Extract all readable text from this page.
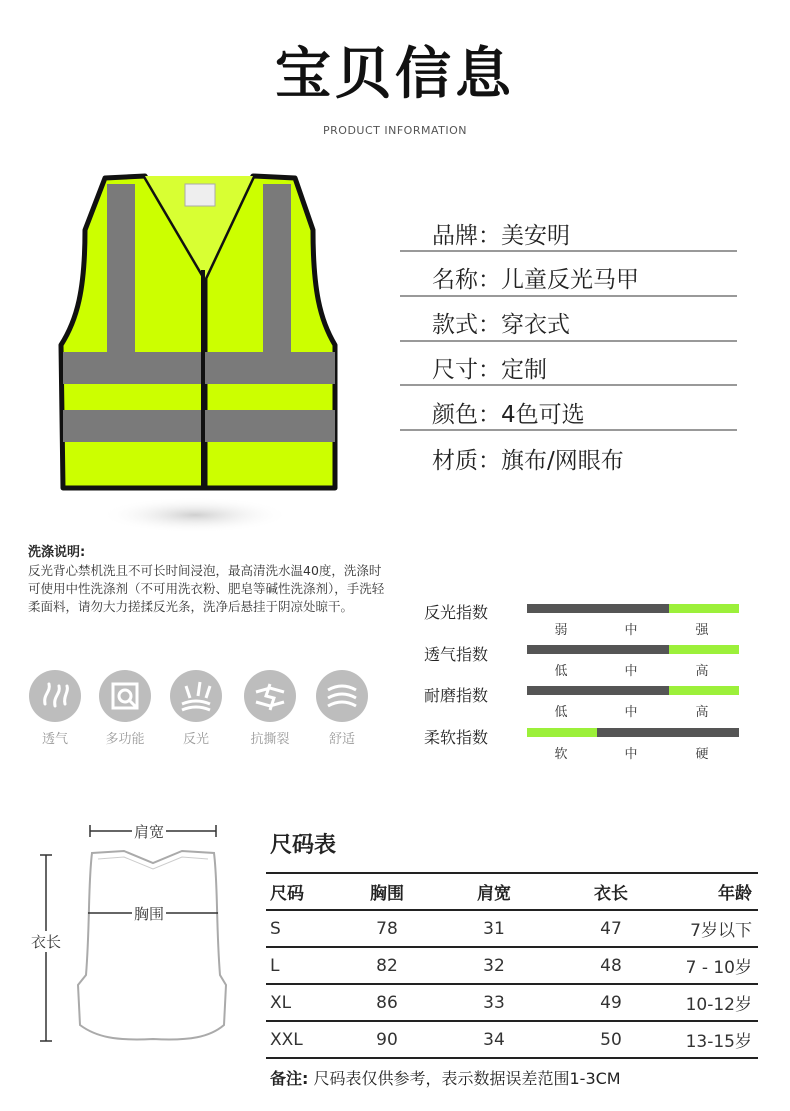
宝贝信息
PRODUCT INFORMATION
品牌：美安明
名称：儿童反光马甲
款式：穿衣式
尺寸：定制
颜色：4色可选
材质：旗布/网眼布
洗涤说明:
反光背心禁机洗且不可长时间浸泡，最高清洗水温40度，洗涤时可使用中性洗涤剂（不可用洗衣粉、肥皂等碱性洗涤剂），手洗轻柔面料，请勿大力搓揉反光条，洗净后悬挂于阴凉处晾干。
透气	多功能	反光	抗撕裂	舒适
反光指数
弱	中	强
透气指数
低	中	高
耐磨指数
低	中	高
柔软指数
软	中	硬
肩宽
胸围
衣长
尺码表
尺码	胸围	肩宽	衣长	年龄
S	78	31	47	7岁以下
L	82	32	48	7 - 10岁
XL	86	33	49	10-12岁
XXL	90	34	50	13-15岁
备注: 尺码表仅供参考，表示数据误差范围1-3CM
